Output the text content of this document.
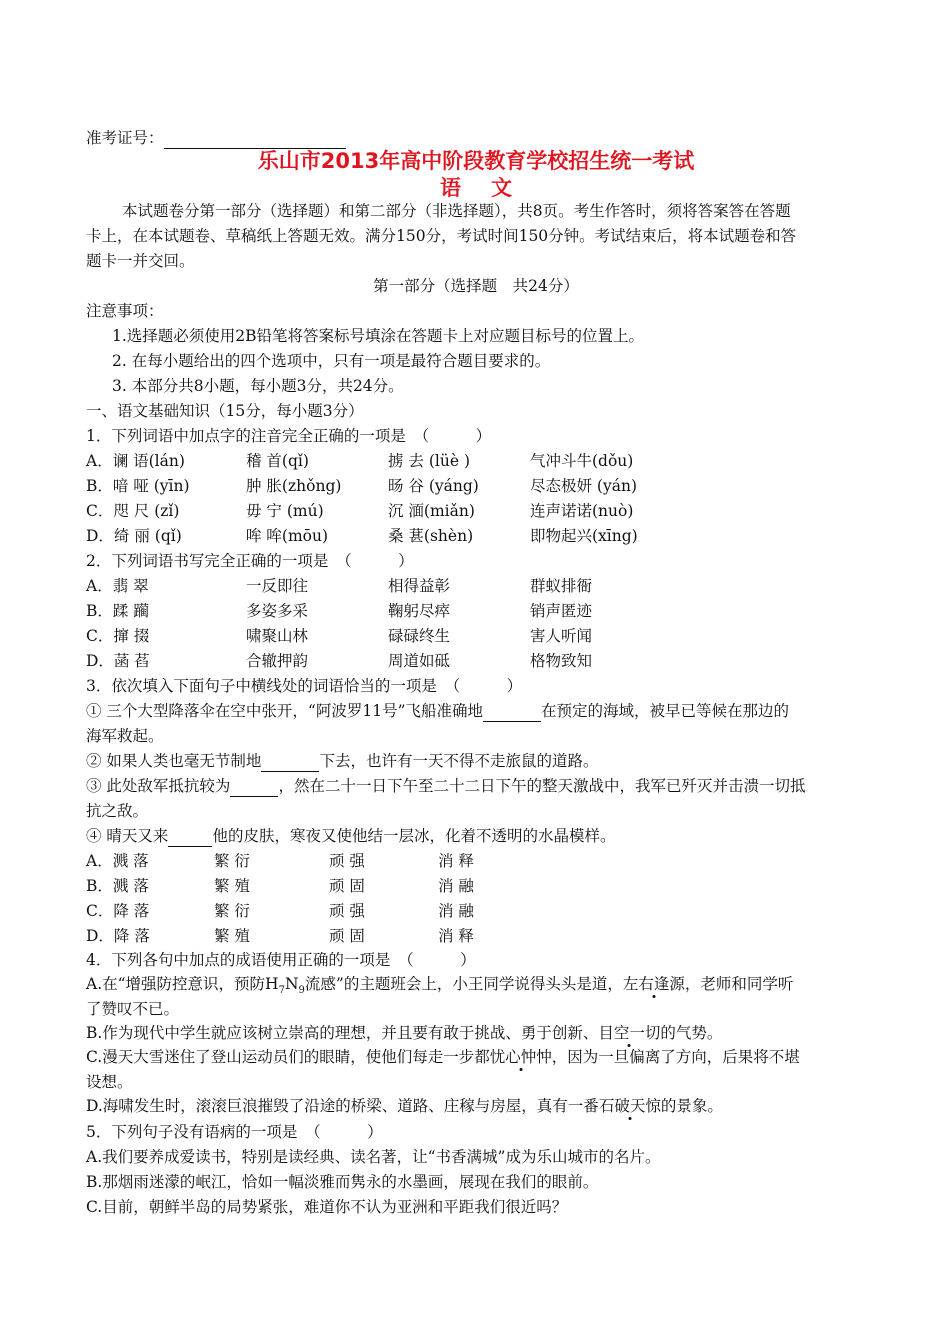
准考证号：
乐山市2013年高中阶段教育学校招生统一考试
语文
本试题卷分第一部分（选择题）和第二部分（非选择题），共8页。考生作答时，须将答案答在答题
卡上，在本试题卷、草稿纸上答题无效。满分150分，考试时间150分钟。考试结束后，将本试题卷和答
题卡一并交回。
第一部分（选择题　共24分）
注意事项：
1.选择题必须使用2B铅笔将答案标号填涂在答题卡上对应题目标号的位置上。
2. 在每小题给出的四个选项中，只有一项是最符合题目要求的。
3. 本部分共8小题，每小题3分，共24分。
一、语文基础知识（15分，每小题3分）
1．下列词语中加点字的注音完全正确的一项是　（　　　）
A．谰 语(lán)	稽 首(qǐ)	掳 去 (lüè )	气冲斗牛(dǒu)
B．喑 哑 (yīn)	肿 胀(zhǒng)	旸 谷 (yáng)	尽态极妍 (yán)
C．咫 尺 (zǐ)	毋 宁 (mú)	沉 湎(miǎn)	连声诺诺(nuò)
D．绮 丽 (qǐ)	哞 哞(mōu)	桑 葚(shèn)	即物起兴(xīng)
2．下列词语书写完全正确的一项是　（　　　）
A．翡 翠	一反即往	相得益彰	群蚁排衙
B．蹂 躏	多姿多采	鞠躬尽瘁	销声匿迹
C．撺 掇	啸聚山林	碌碌终生	害人听闻
D．菡 萏	合辙押韵	周道如砥	格物致知
3．依次填入下面句子中横线处的词语恰当的一项是　（　　　）
① 三个大型降落伞在空中张开，“阿波罗11号”飞船准确地	在预定的海域，被早已等候在那边的
海军救起。
② 如果人类也毫无节制地	下去，也许有一天不得不走旅鼠的道路。
③ 此处敌军抵抗较为	，然在二十一日下午至二十二日下午的整天激战中，我军已歼灭并击溃一切抵
抗之敌。
④ 晴天又来	他的皮肤，寒夜又使他结一层冰，化着不透明的水晶模样。
A．溅 落	繁 衍	顽 强	消 释
B．溅 落	繁 殖	顽 固	消 融
C．降 落	繁 衍	顽 强	消 融
D．降 落	繁 殖	顽 固	消 释
4．下列各句中加点的成语使用正确的一项是　（　　　）
A.在“增强防控意识，预防$H_7N_9$流感”的主题班会上，小王同学说得头头是道，左右逢源，老师和同学听
了赞叹不已。
B.作为现代中学生就应该树立崇高的理想，并且要有敢于挑战、勇于创新、目空一切的气势。
C.漫天大雪迷住了登山运动员们的眼睛，使他们每走一步都忧心忡忡，因为一旦偏离了方向，后果将不堪
设想。
D.海啸发生时，滚滚巨浪摧毁了沿途的桥梁、道路、庄稼与房屋，真有一番石破天惊的景象。
5．下列句子没有语病的一项是　（　　　）
A.我们要养成爱读书，特别是读经典、读名著，让“书香满城”成为乐山城市的名片。
B.那烟雨迷濛的岷江，恰如一幅淡雅而隽永的水墨画，展现在我们的眼前。
C.目前，朝鲜半岛的局势紧张，难道你不认为亚洲和平距我们很近吗？
